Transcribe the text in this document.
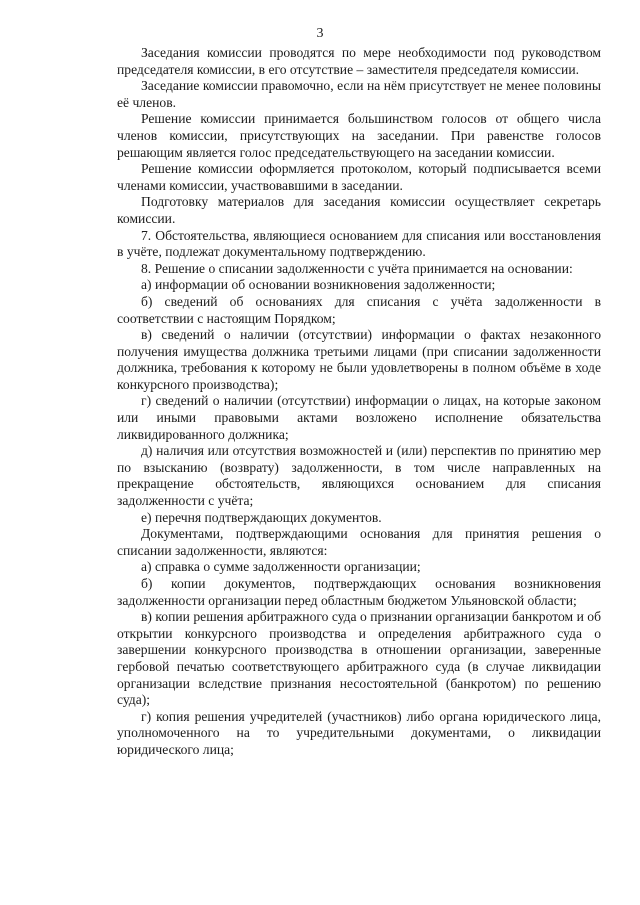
3

Заседания комиссии проводятся по мере необходимости под руководством председателя комиссии, в его отсутствие – заместителя председателя комиссии.

Заседание комиссии правомочно, если на нём присутствует не менее половины её членов.

Решение комиссии принимается большинством голосов от общего числа членов комиссии, присутствующих на заседании. При равенстве голосов решающим является голос председательствующего на заседании комиссии.

Решение комиссии оформляется протоколом, который подписывается всеми членами комиссии, участвовавшими в заседании.

Подготовку материалов для заседания комиссии осуществляет секретарь комиссии.

7. Обстоятельства, являющиеся основанием для списания или восстановления в учёте, подлежат документальному подтверждению.

8. Решение о списании задолженности с учёта принимается на основании:

а) информации об основании возникновения задолженности;

б) сведений об основаниях для списания с учёта задолженности в соответствии с настоящим Порядком;

в) сведений о наличии (отсутствии) информации о фактах незаконного получения имущества должника третьими лицами (при списании задолженности должника, требования к которому не были удовлетворены в полном объёме в ходе конкурсного производства);

г) сведений о наличии (отсутствии) информации о лицах, на которые законом или иными правовыми актами возложено исполнение обязательства ликвидированного должника;

д) наличия или отсутствия возможностей и (или) перспектив по принятию мер по взысканию (возврату) задолженности, в том числе направленных на прекращение обстоятельств, являющихся основанием для списания задолженности с учёта;

е) перечня подтверждающих документов.

Документами, подтверждающими основания для принятия решения о списании задолженности, являются:

а) справка о сумме задолженности организации;

б) копии документов, подтверждающих основания возникновения задолженности организации перед областным бюджетом Ульяновской области;

в) копии решения арбитражного суда о признании организации банкротом и об открытии конкурсного производства и определения арбитражного суда о завершении конкурсного производства в отношении организации, заверенные гербовой печатью соответствующего арбитражного суда (в случае ликвидации организации вследствие признания несостоятельной (банкротом) по решению суда);

г) копия решения учредителей (участников) либо органа юридического лица, уполномоченного на то учредительными документами, о ликвидации юридического лица;
